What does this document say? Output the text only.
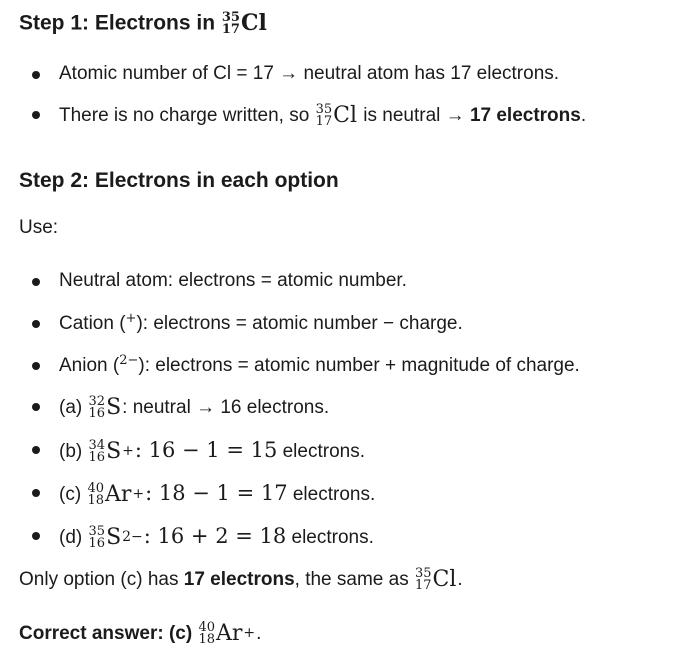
Step 1: Electrons in 35
17 Cl
Atomic number of Cl = 17 → neutral atom has 17 electrons.
There is no charge written, so 35
17 Cl is neutral → 17 electrons.
Step 2: Electrons in each option
Use:
Neutral atom: electrons = atomic number.
Cation (+): electrons = atomic number − charge.
Anion ($^{2-}$): electrons = atomic number + magnitude of charge.
(a) 32
16 S : neutral → 16 electrons.
(b) 34
16 S + : 16 − 1 = 15 electrons.
(c) 40
18 Ar + : 18 − 1 = 17 electrons.
(d) 35
16 S 2− : 16 + 2 = 18 electrons.
Only option (c) has 17 electrons, the same as 35
17 Cl .
Correct answer: (c) 40
18 Ar + .
